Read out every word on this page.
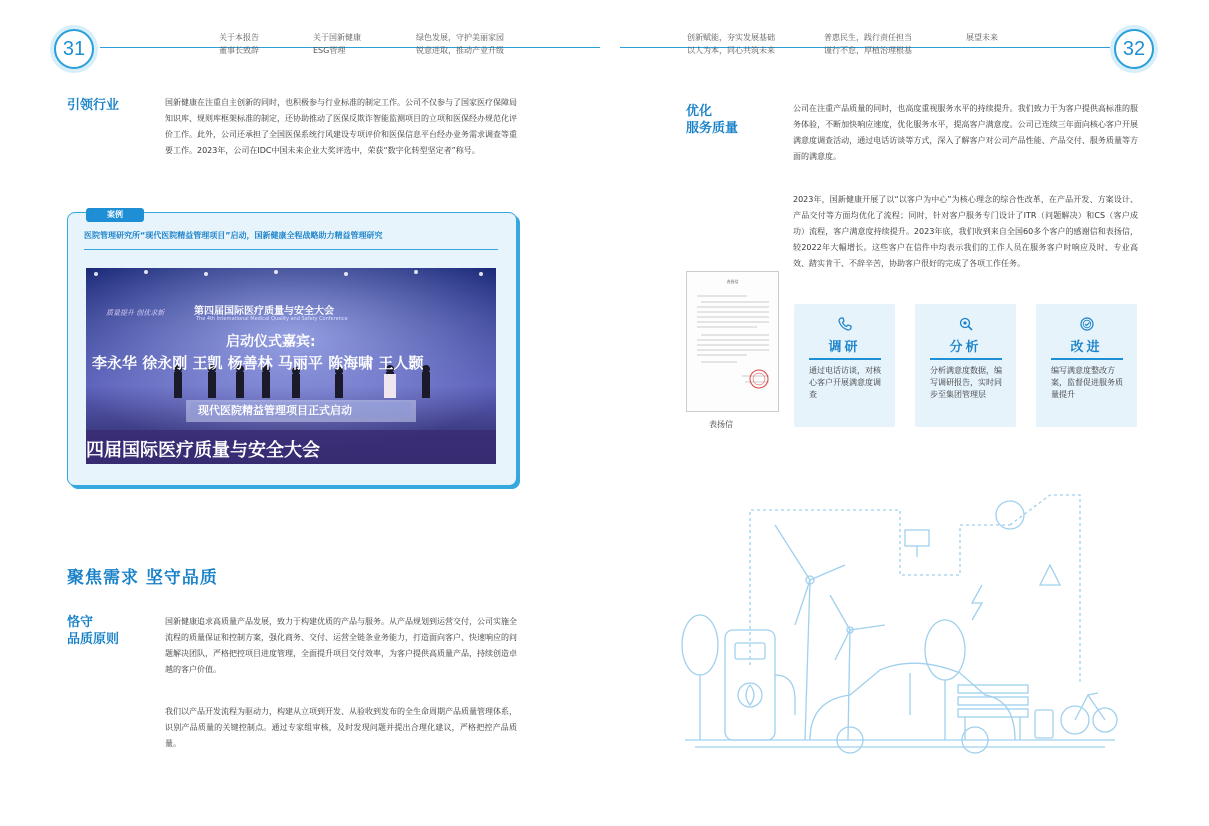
31	32
关于本报告
董事长致辞
关于国新健康
ESG管理
绿色发展，守护美丽家园
锐意进取，推动产业升级
创新赋能，夯实发展基础
以人为本，同心共筑未来
普惠民生，践行责任担当
谨行不怠，厚植治理根基
展望未来
引领行业	国新健康在注重自主创新的同时，也积极参与行业标准的制定工作。公司不仅参与了国家医疗保障局知识库、规则库框架标准的制定，还协助推动了医保反欺诈智能监测项目的立项和医保经办规范化评价工作。此外，公司还承担了全国医保系统行风建设专项评价和医保信息平台经办业务需求调查等重要工作。2023年，公司在IDC中国未来企业大奖评选中，荣获“数字化转型坚定者”称号。
案例
医院管理研究所“现代医院精益管理项目”启动，国新健康全程战略助力精益管理研究
第四届国际医疗质量与安全大会
The 4th International Medical Quality and Safety Conference
质量提升 创优求新
启动仪式嘉宾:
李永华 徐永刚 王凯 杨善林 马丽平 陈海啸 王人颢
现代医院精益管理项目正式启动
四届国际医疗质量与安全大会
聚焦需求 坚守品质
恪守
品质原则
国新健康追求高质量产品发展，致力于构建优质的产品与服务。从产品规划到运营交付，公司实施全流程的质量保证和控制方案，强化商务、交付、运营全链条业务能力，打造面向客户、快速响应的问题解决团队，严格把控项目进度管理，全面提升项目交付效率，为客户提供高质量产品，持续创造卓越的客户价值。
我们以产品开发流程为驱动力，构建从立项到开发、从验收到发布的全生命周期产品质量管理体系，识别产品质量的关键控制点。通过专家组审核，及时发现问题并提出合理化建议，严格把控产品质量。
优化
服务质量
公司在注重产品质量的同时，也高度重视服务水平的持续提升。我们致力于为客户提供高标准的服务体验，不断加快响应速度，优化服务水平，提高客户满意度。公司已连续三年面向核心客户开展满意度调查活动，通过电话访谈等方式，深入了解客户对公司产品性能、产品交付、服务质量等方面的满意度。
2023年，国新健康开展了以“以客户为中心”为核心理念的综合性改革，在产品开发、方案设计、产品交付等方面均优化了流程；同时，针对客户服务专门设计了ITR（问题解决）和CS（客户成功）流程，客户满意度持续提升。2023年底，我们收到来自全国60多个客户的感谢信和表扬信，较2022年大幅增长。这些客户在信件中均表示我们的工作人员在服务客户时响应及时、专业高效、踏实肯干、不辞辛苦，协助客户很好的完成了各项工作任务。
表扬信
表扬信
调研
通过电话访谈，对核心客户开展满意度调查
分析
分析满意度数据，编写调研报告，实时同步至集团管理层
改进
编写满意度整改方案，监督促进服务质量提升
